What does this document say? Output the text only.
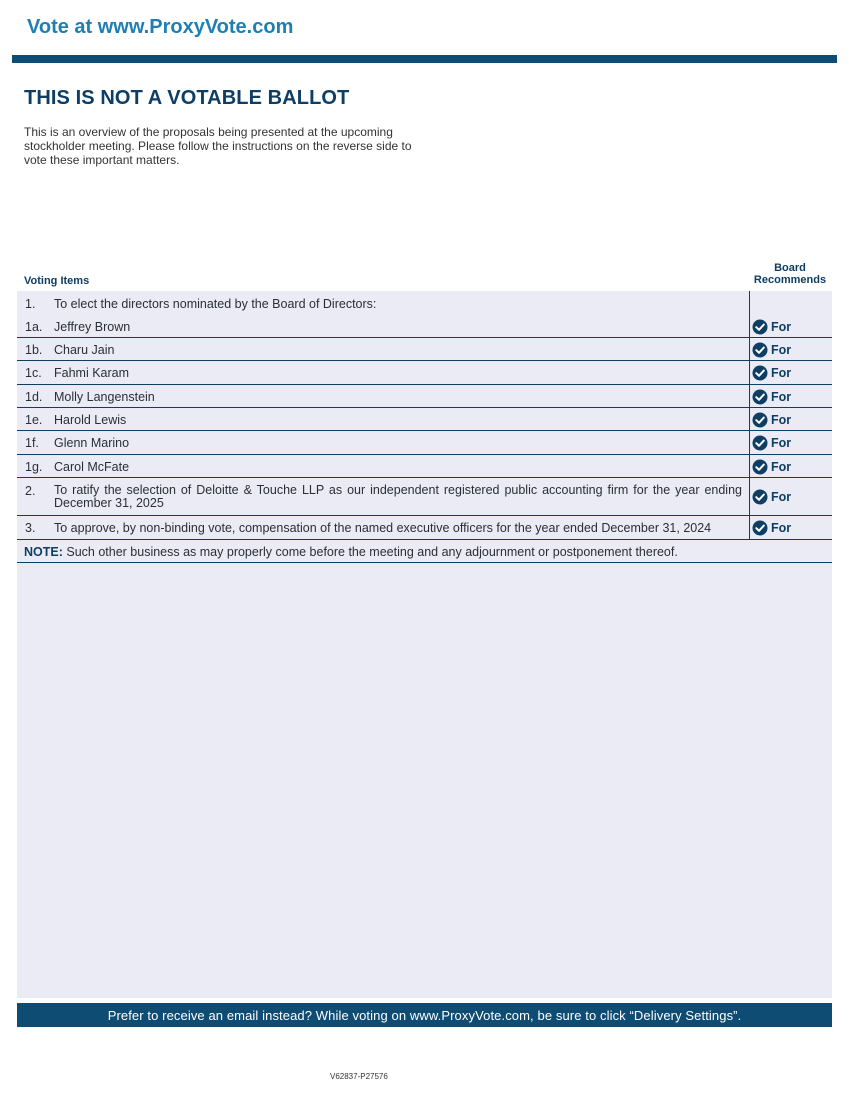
Vote at www.ProxyVote.com
THIS IS NOT A VOTABLE BALLOT
This is an overview of the proposals being presented at the upcoming stockholder meeting. Please follow the instructions on the reverse side to vote these important matters.
Board
Recommends
Voting Items
1. To elect the directors nominated by the Board of Directors:
1a. Jeffrey Brown	For
1b. Charu Jain	For
1c. Fahmi Karam	For
1d. Molly Langenstein	For
1e. Harold Lewis	For
1f. Glenn Marino	For
1g. Carol McFate	For
2. To ratify the selection of Deloitte & Touche LLP as our independent registered public accounting firm for the year ending December 31, 2025	For
3. To approve, by non-binding vote, compensation of the named executive officers for the year ended December 31, 2024	For
NOTE: Such other business as may properly come before the meeting and any adjournment or postponement thereof.
Prefer to receive an email instead? While voting on www.ProxyVote.com, be sure to click “Delivery Settings”.
V62837-P27576
